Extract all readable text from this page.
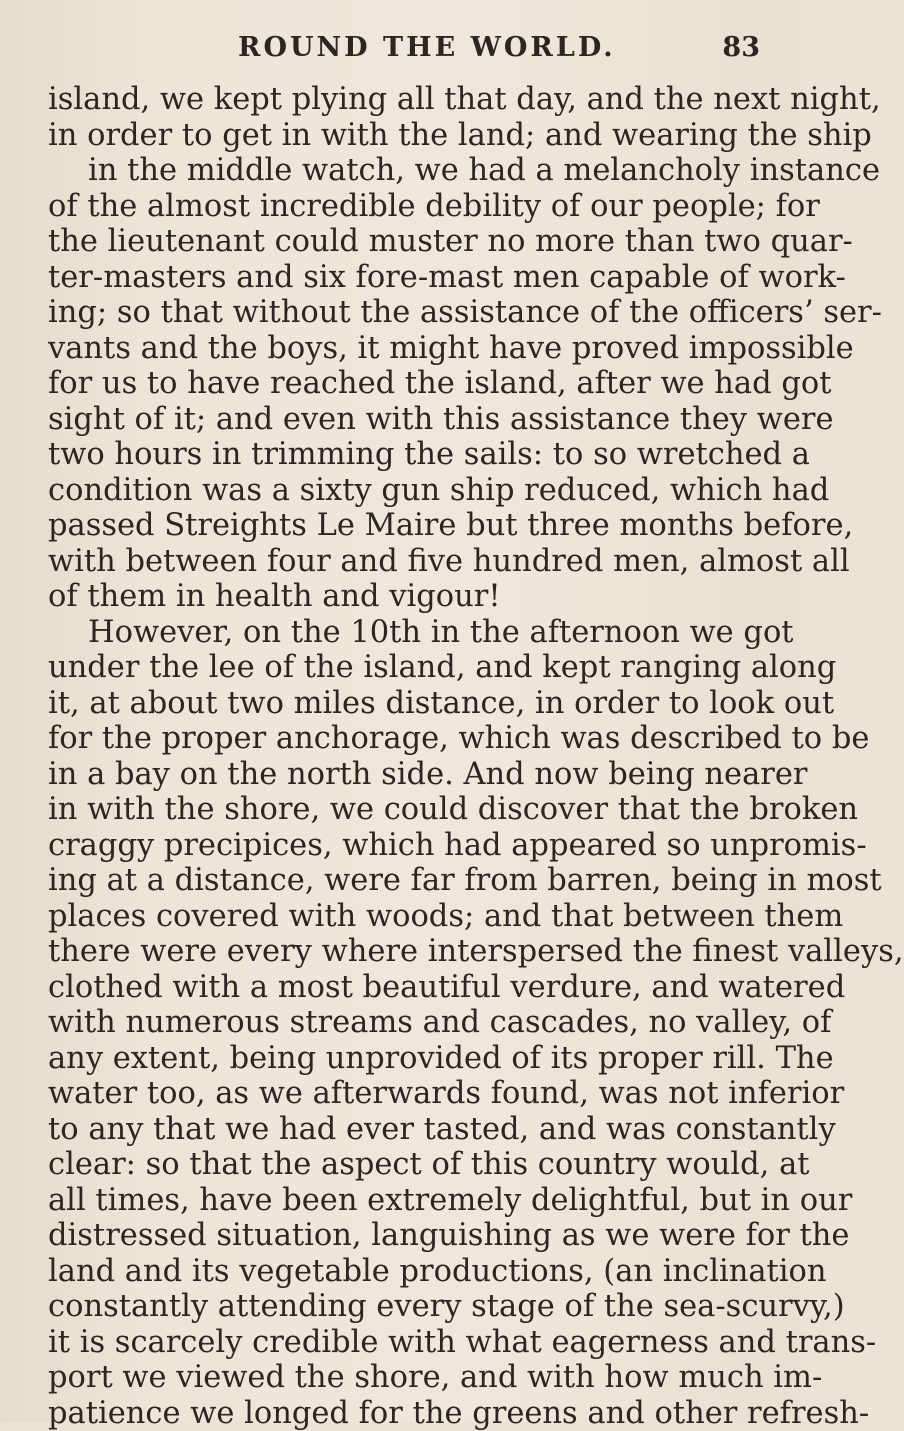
ROUND THE WORLD.	83

island, we kept plying all that day, and the next night,
in order to get in with the land; and wearing the ship
in the middle watch, we had a melancholy instance
of the almost incredible debility of our people; for
the lieutenant could muster no more than two quar-
ter-masters and six fore-mast men capable of work-
ing; so that without the assistance of the officers’ ser-
vants and the boys, it might have proved impossible
for us to have reached the island, after we had got
sight of it; and even with this assistance they were
two hours in trimming the sails: to so wretched a
condition was a sixty gun ship reduced, which had
passed Streights Le Maire but three months before,
with between four and five hundred men, almost all
of them in health and vigour!

However, on the 10th in the afternoon we got
under the lee of the island, and kept ranging along
it, at about two miles distance, in order to look out
for the proper anchorage, which was described to be
in a bay on the north side. And now being nearer
in with the shore, we could discover that the broken
craggy precipices, which had appeared so unpromis-
ing at a distance, were far from barren, being in most
places covered with woods; and that between them
there were every where interspersed the finest valleys,
clothed with a most beautiful verdure, and watered
with numerous streams and cascades, no valley, of
any extent, being unprovided of its proper rill. The
water too, as we afterwards found, was not inferior
to any that we had ever tasted, and was constantly
clear: so that the aspect of this country would, at
all times, have been extremely delightful, but in our
distressed situation, languishing as we were for the
land and its vegetable productions, (an inclination
constantly attending every stage of the sea-scurvy,)
it is scarcely credible with what eagerness and trans-
port we viewed the shore, and with how much im-
patience we longed for the greens and other refresh-
